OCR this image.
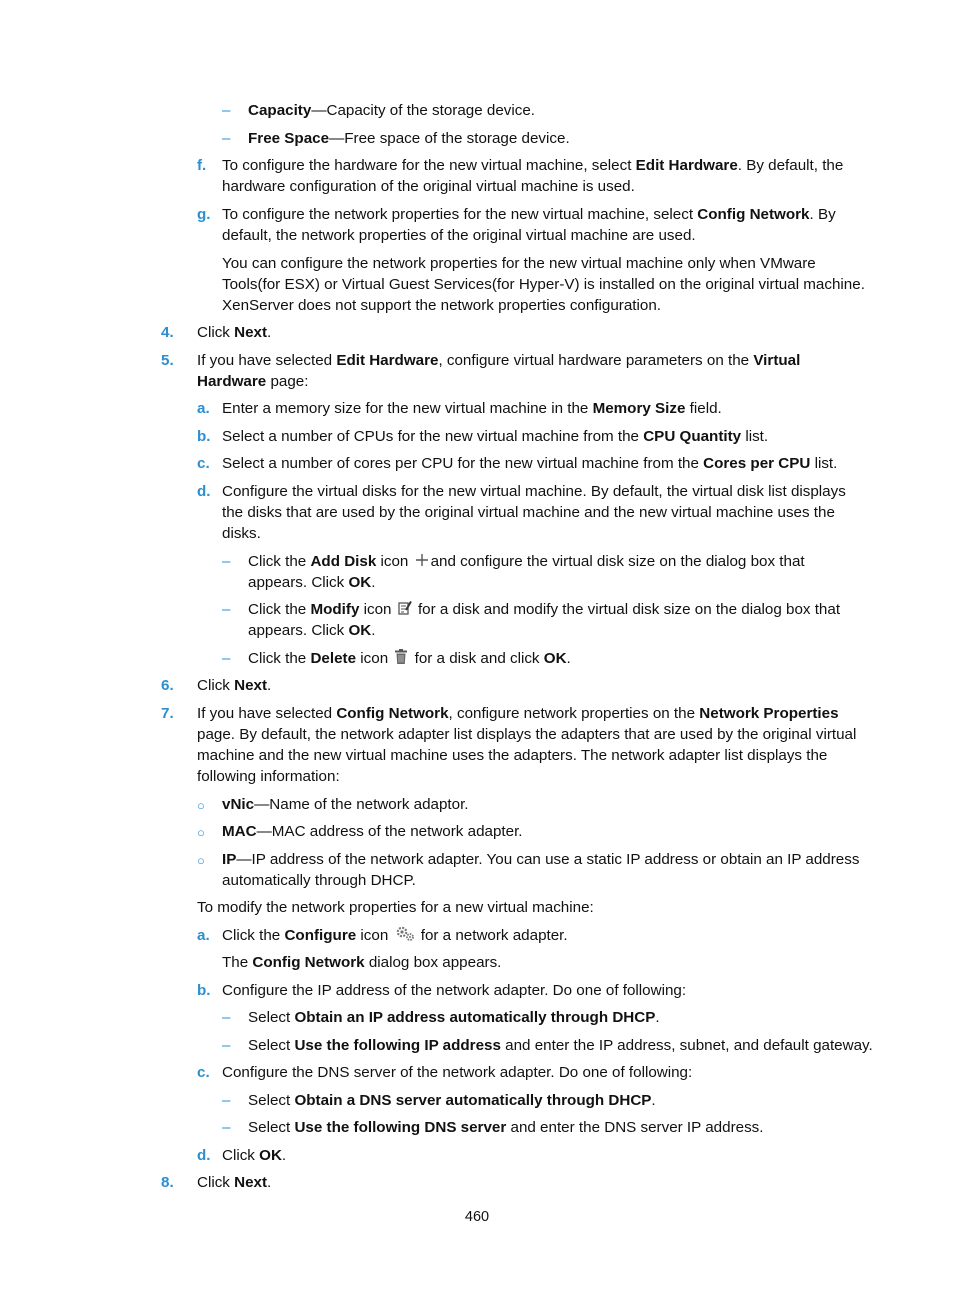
– Capacity—Capacity of the storage device.
– Free Space—Free space of the storage device.
f. To configure the hardware for the new virtual machine, select Edit Hardware. By default, the
hardware configuration of the original virtual machine is used.
g. To configure the network properties for the new virtual machine, select Config Network. By
default, the network properties of the original virtual machine are used.
You can configure the network properties for the new virtual machine only when VMware
Tools(for ESX) or Virtual Guest Services(for Hyper-V) is installed on the original virtual machine.
XenServer does not support the network properties configuration.
4. Click Next.
5. If you have selected Edit Hardware, configure virtual hardware parameters on the Virtual
Hardware page:
a. Enter a memory size for the new virtual machine in the Memory Size field.
b. Select a number of CPUs for the new virtual machine from the CPU Quantity list.
c. Select a number of cores per CPU for the new virtual machine from the Cores per CPU list.
d. Configure the virtual disks for the new virtual machine. By default, the virtual disk list displays
the disks that are used by the original virtual machine and the new virtual machine uses the
disks.
– Click the Add Disk icon and configure the virtual disk size on the dialog box that
appears. Click OK.
– Click the Modify icon  for a disk and modify the virtual disk size on the dialog box that
appears. Click OK.
– Click the Delete icon  for a disk and click OK.
6. Click Next.
7. If you have selected Config Network, configure network properties on the Network Properties
page. By default, the network adapter list displays the adapters that are used by the original virtual
machine and the new virtual machine uses the adapters. The network adapter list displays the
following information:
○ vNic—Name of the network adaptor.
○ MAC—MAC address of the network adapter.
○ IP—IP address of the network adapter. You can use a static IP address or obtain an IP address
automatically through DHCP.
To modify the network properties for a new virtual machine:
a. Click the Configure icon  for a network adapter.
The Config Network dialog box appears.
b. Configure the IP address of the network adapter. Do one of following:
– Select Obtain an IP address automatically through DHCP.
– Select Use the following IP address and enter the IP address, subnet, and default gateway.
c. Configure the DNS server of the network adapter. Do one of following:
– Select Obtain a DNS server automatically through DHCP.
– Select Use the following DNS server and enter the DNS server IP address.
d. Click OK.
8. Click Next.
460
